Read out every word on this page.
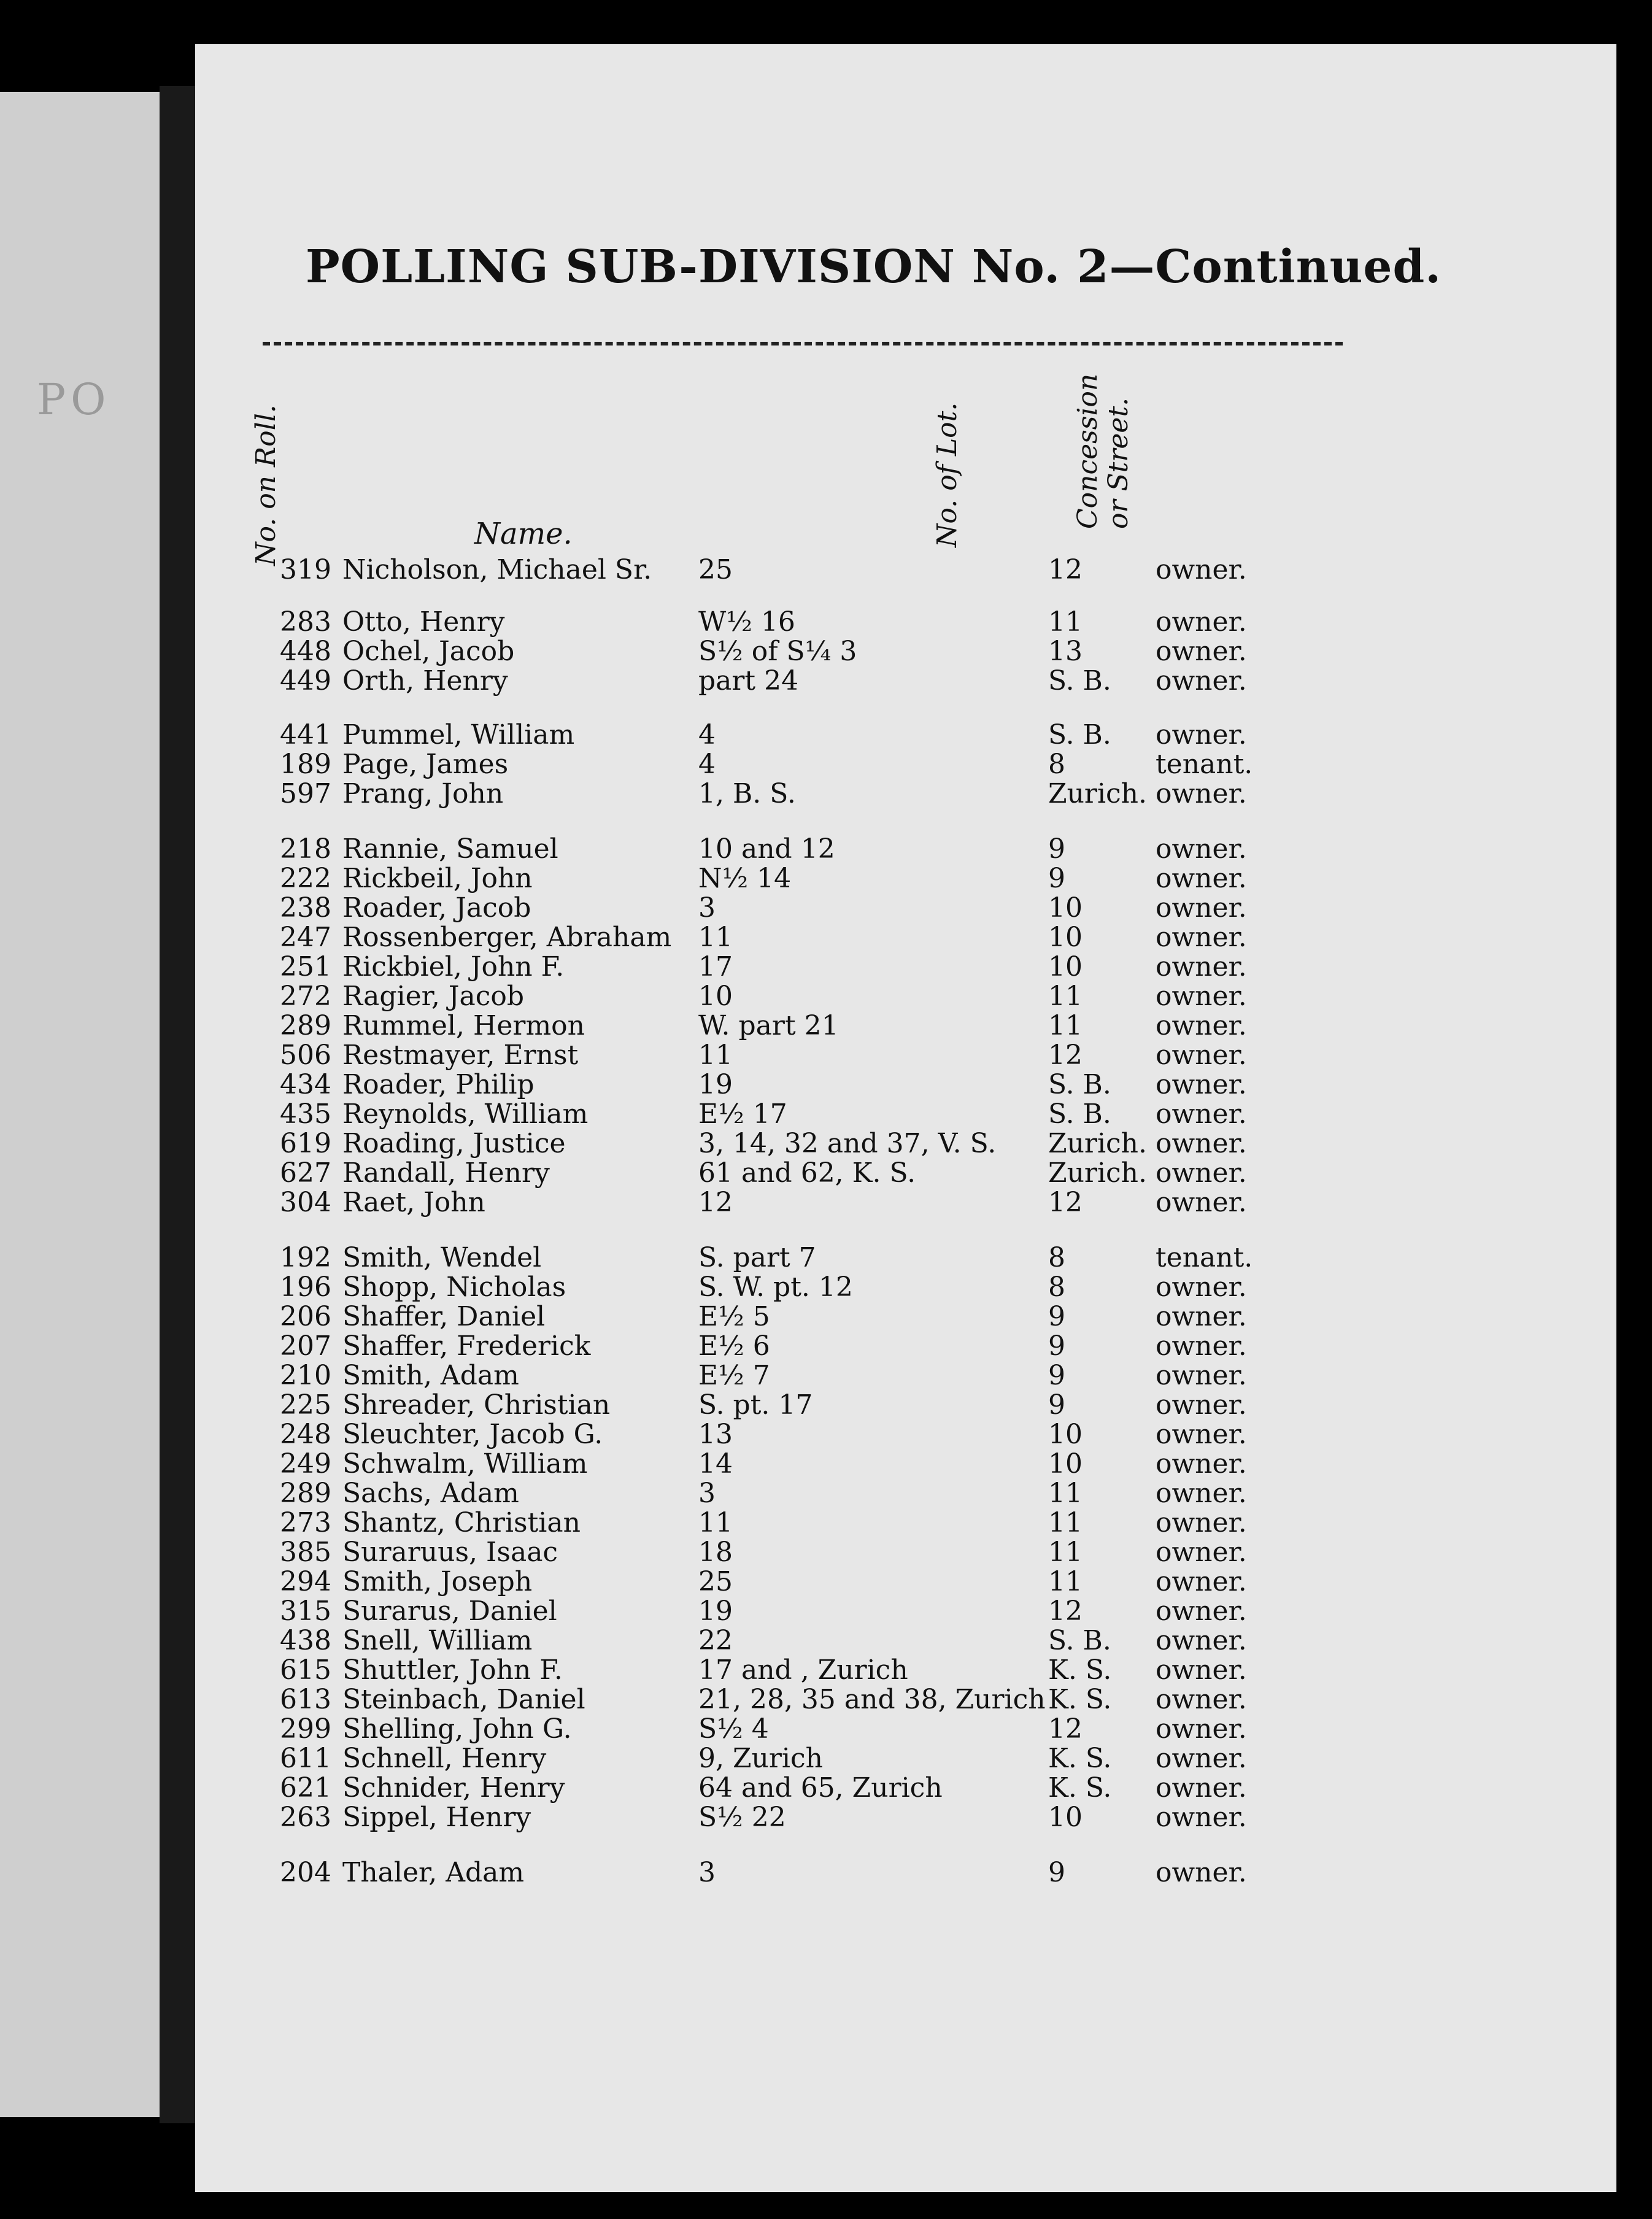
PO
POLLING SUB-DIVISION No. 2—Continued.
No. on Roll.	Name.	No. of Lot.	Concession or Street.
319 Nicholson, Michael Sr. 25	12	owner.
283 Otto, Henry	W½ 16	11	owner.
448 Ochel, Jacob	S½ of S¼ 3	13	owner.
449 Orth, Henry	part 24	S. B. owner.
441 Pummel, William	4	S. B. owner.
189 Page, James	4	8	tenant.
597 Prang, John	1, B. S.	Zurich. owner.
218 Rannie, Samuel	10 and 12	9	owner.
222 Rickbeil, John	N½ 14	9	owner.
238 Roader, Jacob	3	10	owner.
247 Rossenberger, Abraham 11	10	owner.
251 Rickbiel, John F.	17	10	owner.
272 Ragier, Jacob	10	11	owner.
289 Rummel, Hermon	W. part 21	11	owner.
506 Restmayer, Ernst	11	12	owner.
434 Roader, Philip	19	S. B. owner.
435 Reynolds, William	E½ 17	S. B. owner.
619 Roading, Justice	3, 14, 32 and 37, V. S. Zurich. owner.
627 Randall, Henry	61 and 62, K. S.	Zurich. owner.
304 Raet, John	12	12	owner.
192 Smith, Wendel	S. part 7	8	tenant.
196 Shopp, Nicholas	S. W. pt. 12	8	owner.
206 Shaffer, Daniel	E½ 5	9	owner.
207 Shaffer, Frederick	E½ 6	9	owner.
210 Smith, Adam	E½ 7	9	owner.
225 Shreader, Christian	S. pt. 17	9	owner.
248 Sleuchter, Jacob G.	13	10	owner.
249 Schwalm, William	14	10	owner.
289 Sachs, Adam	3	11	owner.
273 Shantz, Christian	11	11	owner.
385 Suraruus, Isaac	18	11	owner.
294 Smith, Joseph	25	11	owner.
315 Surarus, Daniel	19	12	owner.
438 Snell, William	22	S. B. owner.
615 Shuttler, John F.	17 and , Zurich	K. S. owner.
613 Steinbach, Daniel	21, 28, 35 and 38, Zurich K. S. owner.
299 Shelling, John G.	S½ 4	12	owner.
611 Schnell, Henry	9, Zurich	K. S. owner.
621 Schnider, Henry	64 and 65, Zurich	K. S. owner.
263 Sippel, Henry	S½ 22	10	owner.
204 Thaler, Adam	3	9	owner.
